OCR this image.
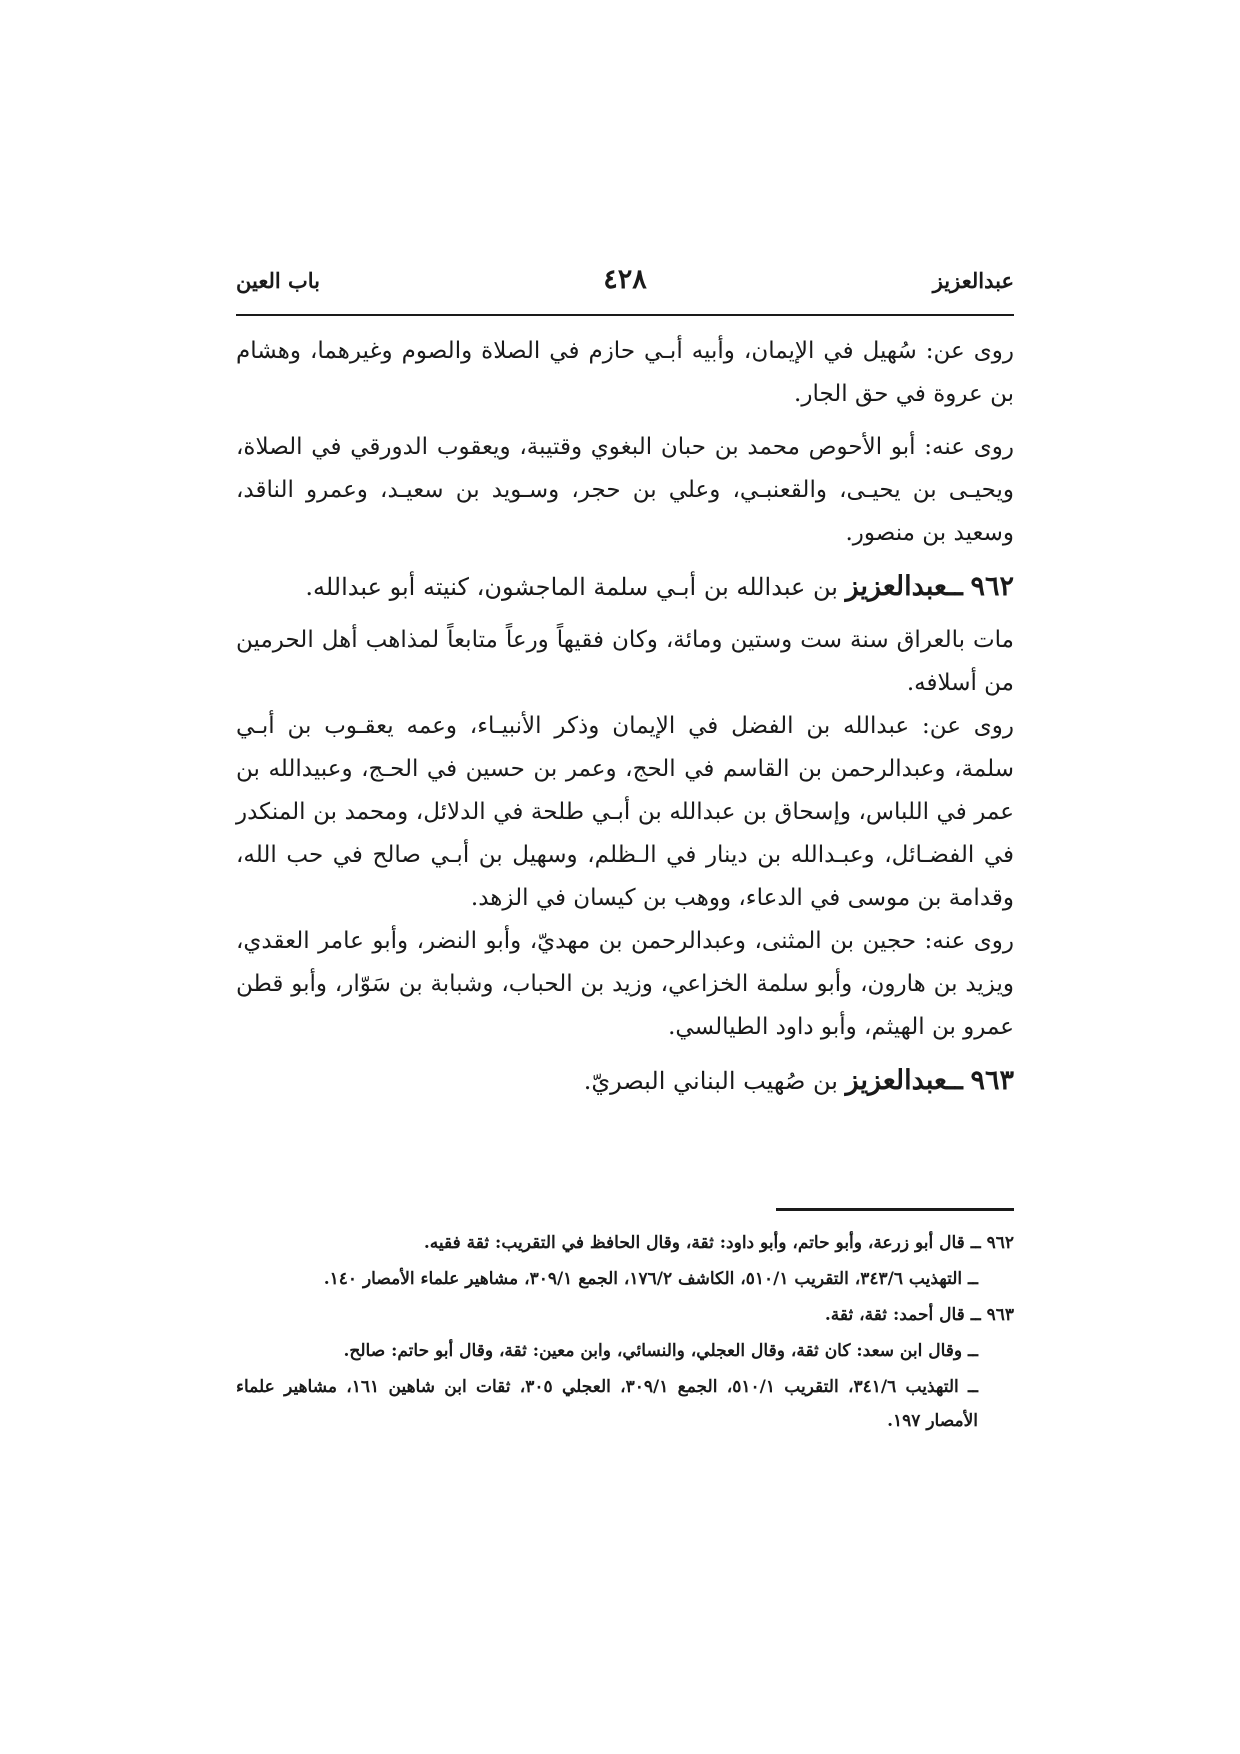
عبدالعزيز
٤٢٨
باب العين

روى عن: سُهيل في الإيمان، وأبيه أبـي حازم في الصلاة والصوم وغيرهما، وهشام بن عروة في حق الجار.

روى عنه: أبو الأحوص محمد بن حبان البغوي وقتيبة، ويعقوب الدورقي في الصلاة، ويحيـى بن يحيـى، والقعنبـي، وعلي بن حجر، وسـويد بن سعيـد، وعمرو الناقد، وسعيد بن منصور.

٩٦٢ ــعبدالعزيز بن عبدالله بن أبـي سلمة الماجشون، كنيته أبو عبدالله.

مات بالعراق سنة ست وستين ومائة، وكان فقيهاً ورعاً متابعاً لمذاهب أهل الحرمين من أسلافه.

روى عن: عبدالله بن الفضل في الإيمان وذكر الأنبيـاء، وعمه يعقـوب بن أبـي سلمة، وعبدالرحمن بن القاسم في الحج، وعمر بن حسين في الحـج، وعبيدالله بن عمر في اللباس، وإسحاق بن عبدالله بن أبـي طلحة في الدلائل، ومحمد بن المنكدر في الفضـائل، وعبـدالله بن دينار في الـظلم، وسهيل بن أبـي صالح في حب الله، وقدامة بن موسى في الدعاء، ووهب بن كيسان في الزهد.

روى عنه: حجين بن المثنى، وعبدالرحمن بن مهديّ، وأبو النضر، وأبو عامر العقدي، ويزيد بن هارون، وأبو سلمة الخزاعي، وزيد بن الحباب، وشبابة بن سَوّار، وأبو قطن عمرو بن الهيثم، وأبو داود الطيالسي.

٩٦٣ ــعبدالعزيز بن صُهيب البناني البصريّ.

٩٦٢ ــ قال أبو زرعة، وأبو حاتم، وأبو داود: ثقة، وقال الحافظ في التقريب: ثقة فقيه.

ــ التهذيب ٣٤٣/٦، التقريب ٥١٠/١، الكاشف ١٧٦/٢، الجمع ٣٠٩/١، مشاهير علماء الأمصار ١٤٠.

٩٦٣ ــ قال أحمد: ثقة، ثقة.

ــ وقال ابن سعد: كان ثقة، وقال العجلي، والنسائي، وابن معين: ثقة، وقال أبو حاتم: صالح.

ــ التهذيب ٣٤١/٦، التقريب ٥١٠/١، الجمع ٣٠٩/١، العجلي ٣٠٥، ثقات ابن شاهين ١٦١، مشاهير علماء الأمصار ١٩٧.
